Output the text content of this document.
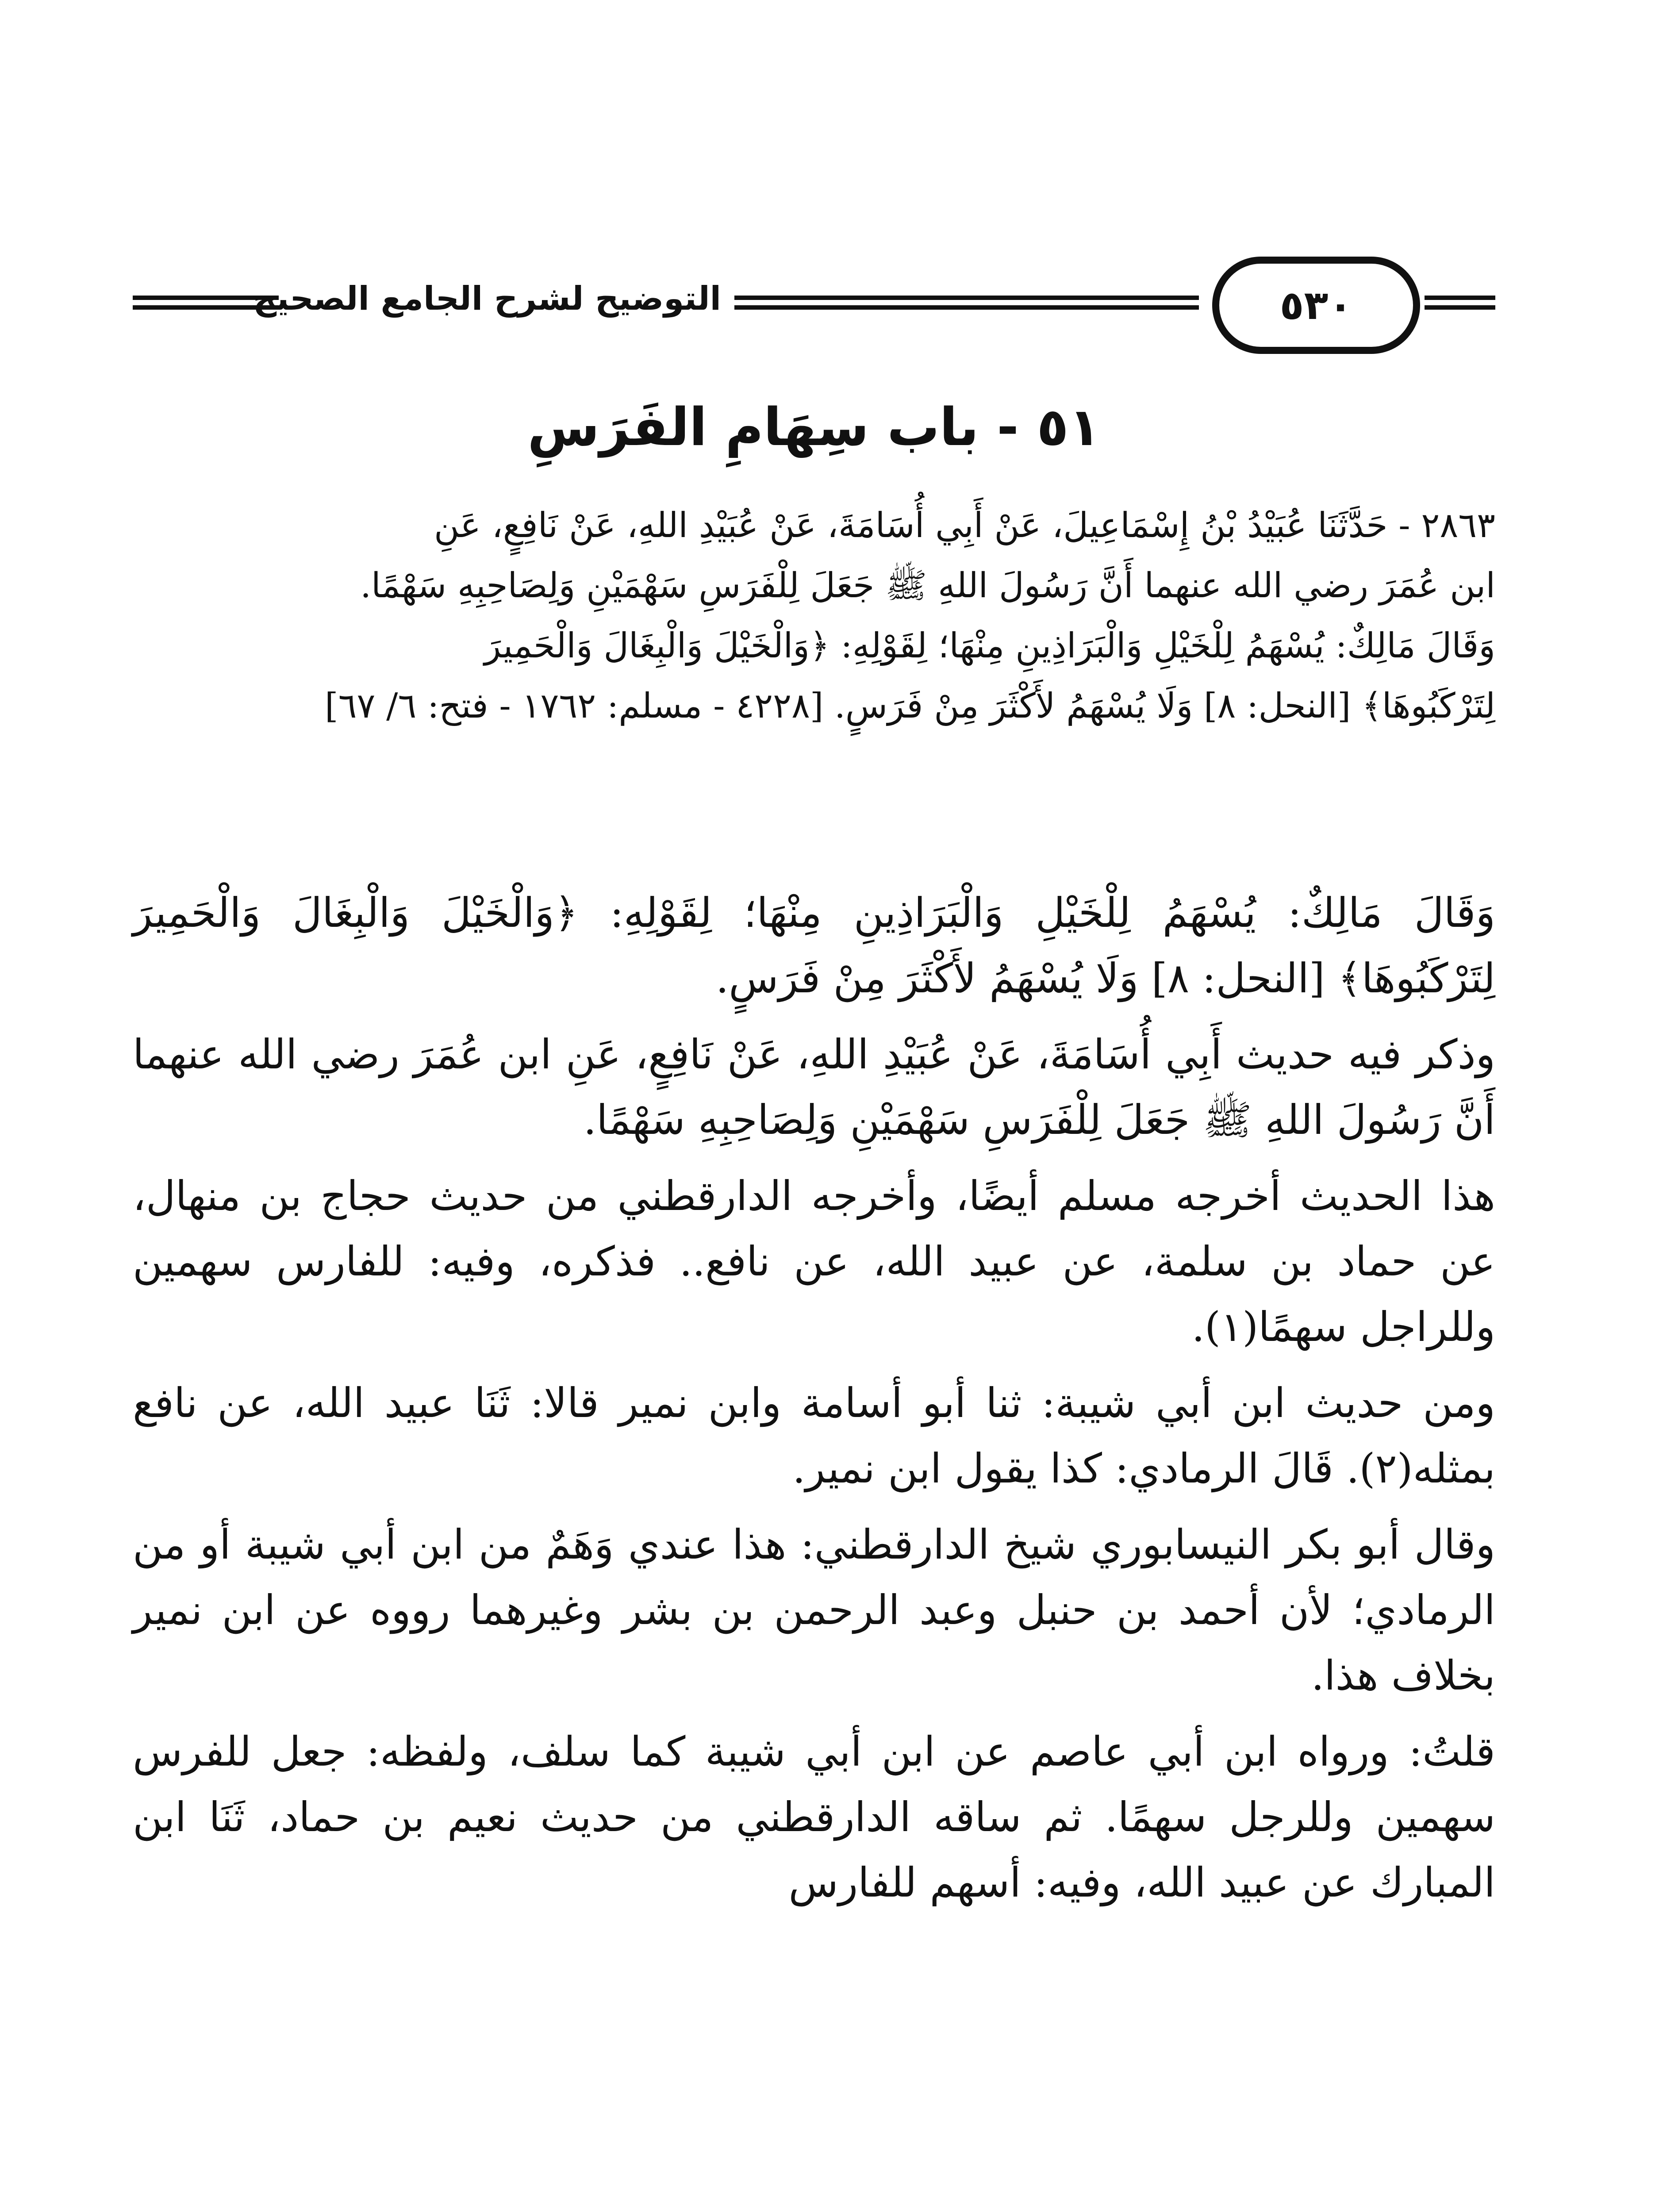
التوضيح لشرح الجامع الصحيح	٥٣٠
٥١ - باب سِهَامِ الفَرَسِ

٢٨٦٣ - حَدَّثَنَا عُبَيْدُ بْنُ إِسْمَاعِيلَ، عَنْ أَبِي أُسَامَةَ، عَنْ عُبَيْدِ اللهِ، عَنْ نَافِعٍ، عَنِ

ابن عُمَرَ رضي الله عنهما أَنَّ رَسُولَ اللهِ ﷺ جَعَلَ لِلْفَرَسِ سَهْمَيْنِ وَلِصَاحِبِهِ سَهْمًا.

وَقَالَ مَالِكٌ: يُسْهَمُ لِلْخَيْلِ وَالْبَرَاذِينِ مِنْهَا؛ لِقَوْلِهِ: ﴿وَالْخَيْلَ وَالْبِغَالَ وَالْحَمِيرَ

لِتَرْكَبُوهَا﴾ [النحل: ٨] وَلَا يُسْهَمُ لأَكْثَرَ مِنْ فَرَسٍ. [٤٢٢٨ - مسلم: ١٧٦٢ - فتح: ٦/ ٦٧]

وَقَالَ مَالِكٌ: يُسْهَمُ لِلْخَيْلِ وَالْبَرَاذِينِ مِنْهَا؛ لِقَوْلِهِ: ﴿وَالْخَيْلَ وَالْبِغَالَ وَالْحَمِيرَ لِتَرْكَبُوهَا﴾ [النحل: ٨] وَلَا يُسْهَمُ لأَكْثَرَ مِنْ فَرَسٍ.

وذكر فيه حديث أَبِي أُسَامَةَ، عَنْ عُبَيْدِ اللهِ، عَنْ نَافِعٍ، عَنِ ابن عُمَرَ رضي الله عنهما أَنَّ رَسُولَ اللهِ ﷺ جَعَلَ لِلْفَرَسِ سَهْمَيْنِ وَلِصَاحِبِهِ سَهْمًا.

هذا الحديث أخرجه مسلم أيضًا، وأخرجه الدارقطني من حديث حجاج بن منهال، عن حماد بن سلمة، عن عبيد الله، عن نافع.. فذكره، وفيه: للفارس سهمين وللراجل سهمًا(١).

ومن حديث ابن أبي شيبة: ثنا أبو أسامة وابن نمير قالا: ثَنَا عبيد الله، عن نافع بمثله(٢). قَالَ الرمادي: كذا يقول ابن نمير.

وقال أبو بكر النيسابوري شيخ الدارقطني: هذا عندي وَهَمٌ من ابن أبي شيبة أو من الرمادي؛ لأن أحمد بن حنبل وعبد الرحمن بن بشر وغيرهما رووه عن ابن نمير بخلاف هذا.

قلتُ: ورواه ابن أبي عاصم عن ابن أبي شيبة كما سلف، ولفظه: جعل للفرس سهمين وللرجل سهمًا. ثم ساقه الدارقطني من حديث نعيم بن حماد، ثَنَا ابن المبارك عن عبيد الله، وفيه: أسهم للفارس
